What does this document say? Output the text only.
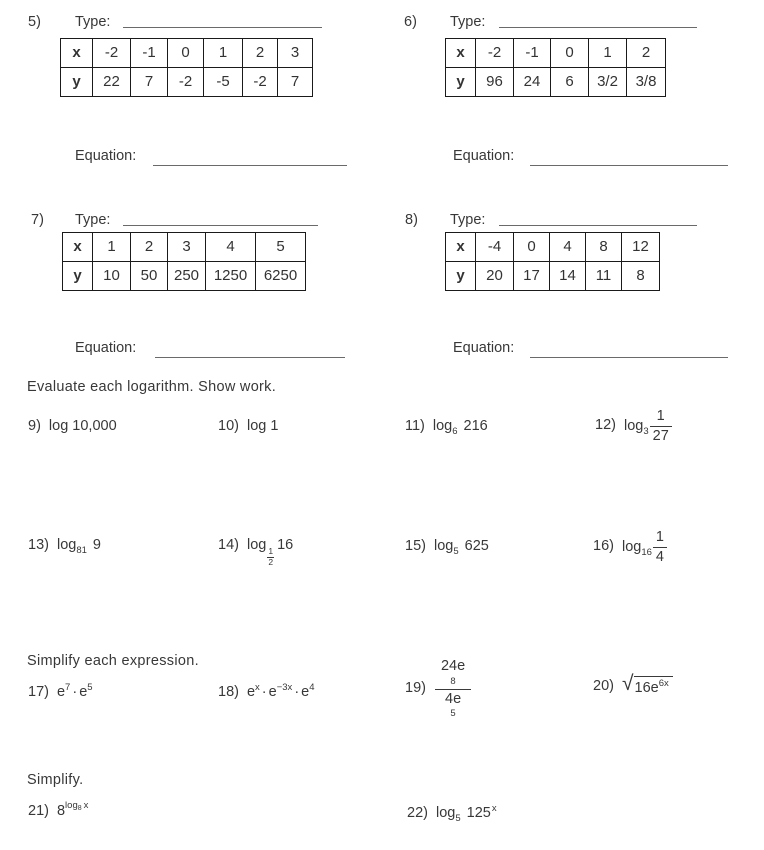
5) Type:
x	-2	-1	0	1	2	3
y	22	7	-2	-5	-2	7
6) Type:
x	-2	-1	0	1	2
y	96	24	6	3/2	3/8
Equation:	Equation:
7) Type:
x	1	2	3	4	5
y	10	50	250	1250	6250
8) Type:
x	-4	0	4	8	12
y	20	17	14	11	8
Equation:	Equation:
Evaluate each logarithm. Show work.
9) log 10,000	10) log 1	11) $\log_6 216$	12) $\log_3 \frac{1}{27}$
13) $\log_{81} 9$	14) log
$\frac{1}{2}$
16	15) $\log_5 625$	16) $\log_{16} \frac{1}{4}$
Simplify each expression.
17) $e^7 \cdot e^5$	18) $e^x \cdot e^{-3x} \cdot e^4$	19) 24e
8
4e
5	20) √ $16e^{6x}$
Simplify.
21) $8^{log_8 x}$	22) $\log_5 125^x$
